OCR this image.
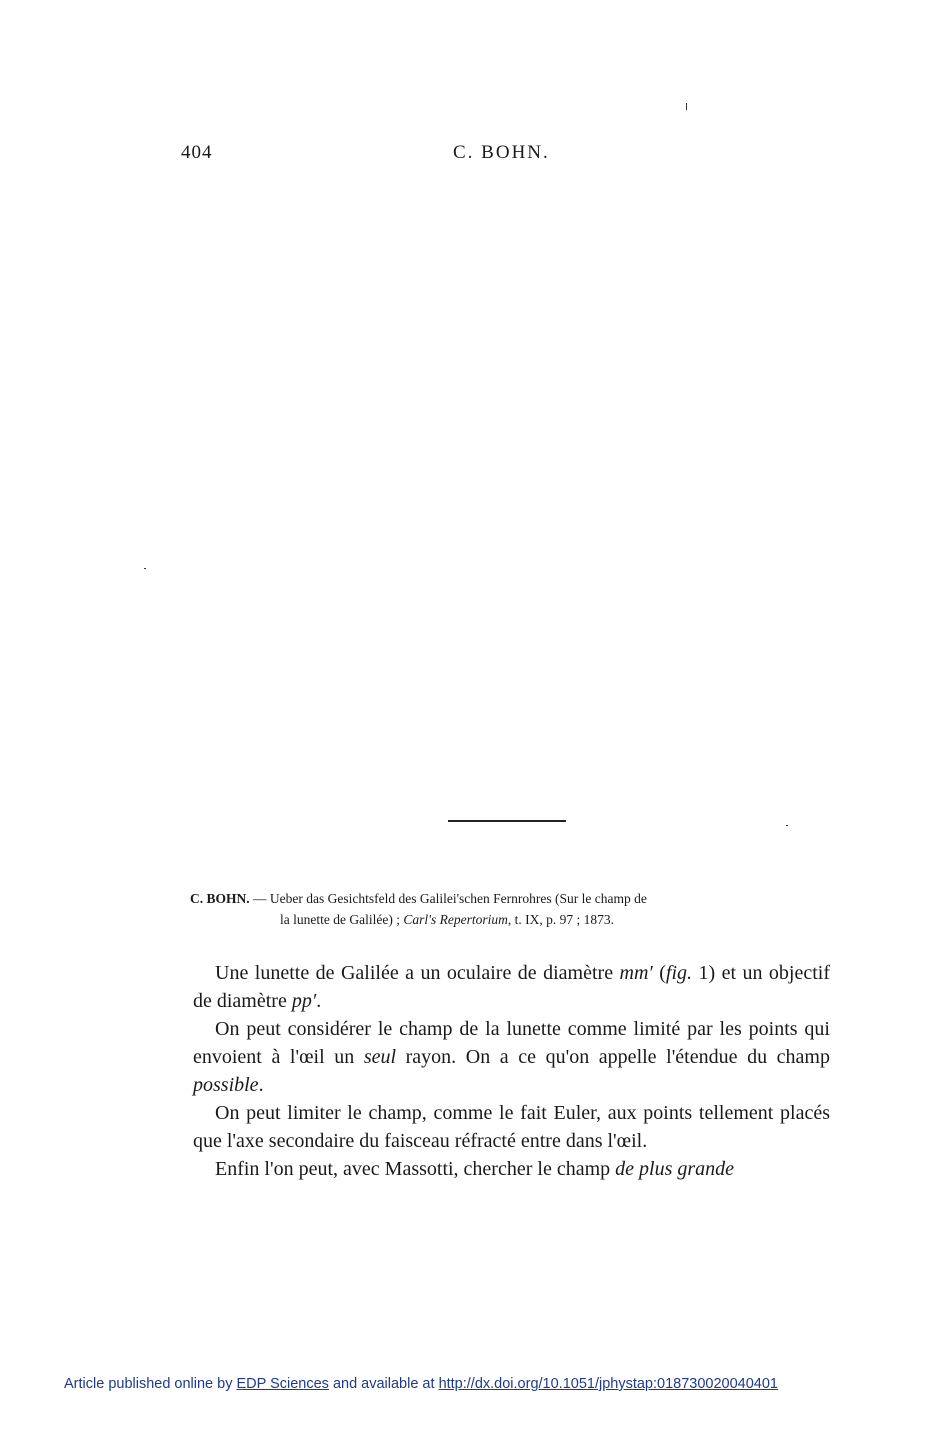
404	C. BOHN.
C. BOHN. — Ueber das Gesichtsfeld des Galilei'schen Fernrohres (Sur le champ de
la lunette de Galilée) ; Carl's Repertorium, t. IX, p. 97 ; 1873.

Une lunette de Galilée a un oculaire de diamètre mm′ (fig. 1) et un objectif de diamètre pp′.

On peut considérer le champ de la lunette comme limité par les points qui envoient à l'œil un seul rayon. On a ce qu'on appelle l'étendue du champ possible.

On peut limiter le champ, comme le fait Euler, aux points tellement placés que l'axe secondaire du faisceau réfracté entre dans l'œil.

Enfin l'on peut, avec Massotti, chercher le champ de plus grande

Article published online by EDP Sciences and available at http://dx.doi.org/10.1051/jphystap:018730020040401
